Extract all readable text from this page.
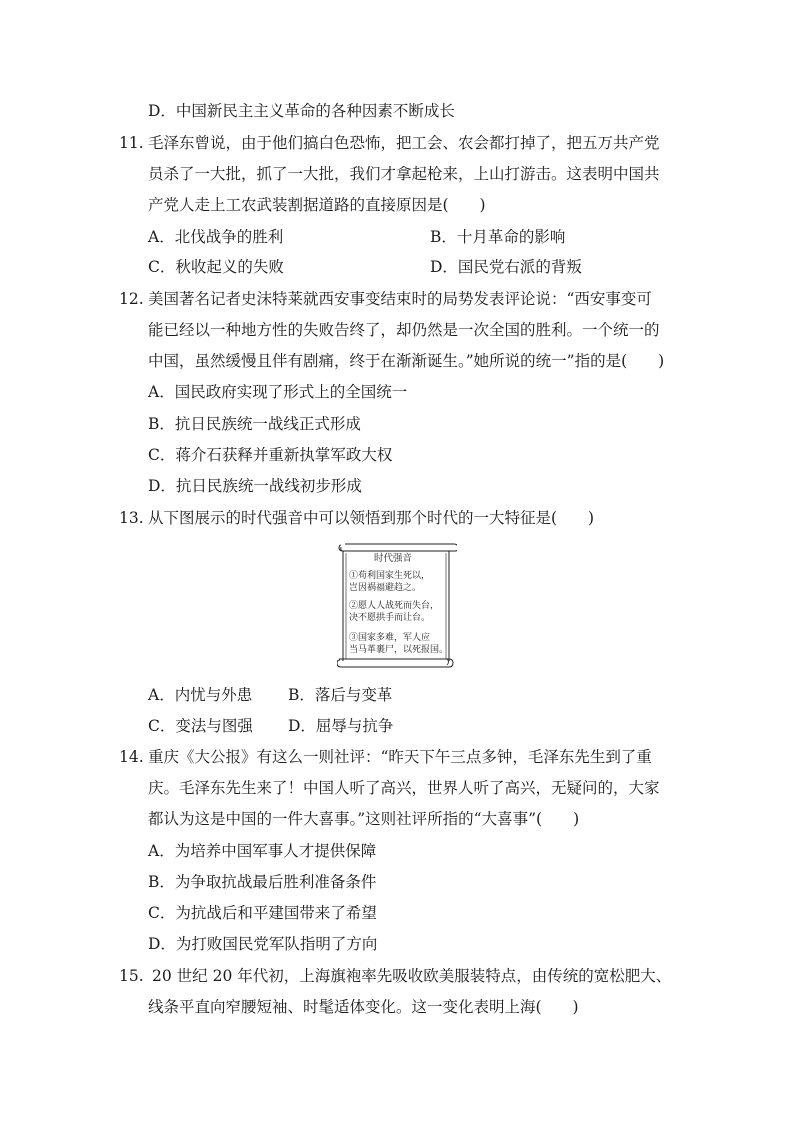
D．中国新民主主义革命的各种因素不断成长
11. 毛泽东曾说，由于他们搞白色恐怖，把工会、农会都打掉了，把五万共产党
员杀了一大批，抓了一大批，我们才拿起枪来，上山打游击。这表明中国共
产党人走上工农武装割据道路的直接原因是(　　)
A．北伐战争的胜利	B．十月革命的影响
C．秋收起义的失败	D．国民党右派的背叛
12. 美国著名记者史沫特莱就西安事变结束时的局势发表评论说：“西安事变可
能已经以一种地方性的失败告终了，却仍然是一次全国的胜利。一个统一的
中国，虽然缓慢且伴有剧痛，终于在渐渐诞生。”她所说的统一”指的是(　　)
A．国民政府实现了形式上的全国统一
B．抗日民族统一战线正式形成
C．蒋介石获释并重新执掌军政大权
D．抗日民族统一战线初步形成
13. 从下图展示的时代强音中可以领悟到那个时代的一大特征是(　　)
时代强音
①苟利国家生死以，
岂因祸福避趋之。
②愿人人战死而失台，
决不愿拱手而让台。
③国家多难，军人应
当马革裹尸，以死报国。
A．内忧与外患 B．落后与变革
C．变法与图强 D．屈辱与抗争
14. 重庆《大公报》有这么一则社评：“昨天下午三点多钟，毛泽东先生到了重
庆。毛泽东先生来了！中国人听了高兴，世界人听了高兴，无疑问的，大家
都认为这是中国的一件大喜事。”这则社评所指的“大喜事”(　　)
A．为培养中国军事人才提供保障
B．为争取抗战最后胜利准备条件
C．为抗战后和平建国带来了希望
D．为打败国民党军队指明了方向
15. 20 世纪 20 年代初，上海旗袍率先吸收欧美服装特点，由传统的宽松肥大、
线条平直向窄腰短袖、时髦适体变化。这一变化表明上海(　　)
